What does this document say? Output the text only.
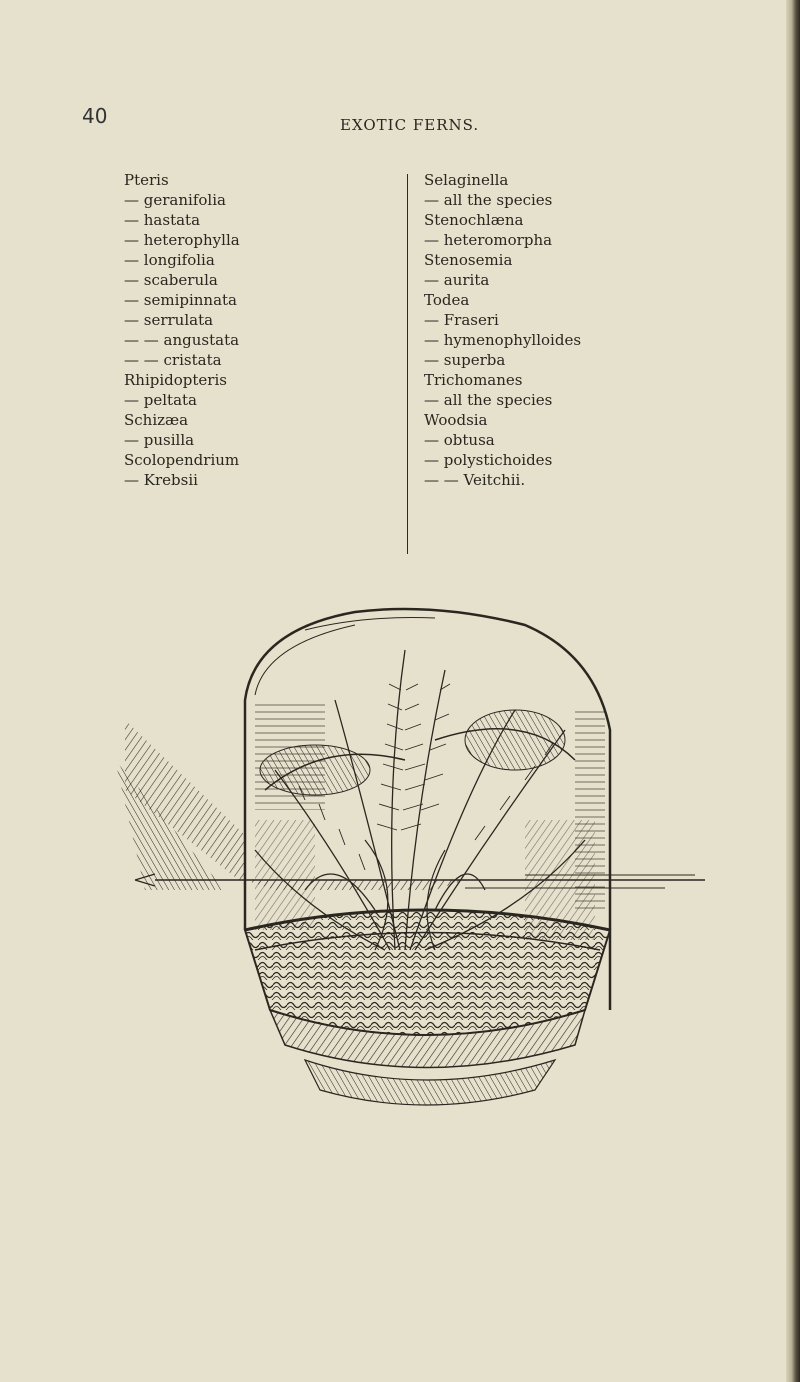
40	EXOTIC FERNS.
Pteris
— geranifolia
— hastata
— heterophylla
— longifolia
— scaberula
— semipinnata
— serrulata
— — angustata
— — cristata
Rhipidopteris
— peltata
Schizæa
— pusilla
Scolopendrium
— Krebsii
Selaginella
— all the species
Stenochlæna
— heteromorpha
Stenosemia
— aurita
Todea
— Fraseri
— hymenophylloides
— superba
Trichomanes
— all the species
Woodsia
— obtusa
— polystichoides
— — Veitchii.
